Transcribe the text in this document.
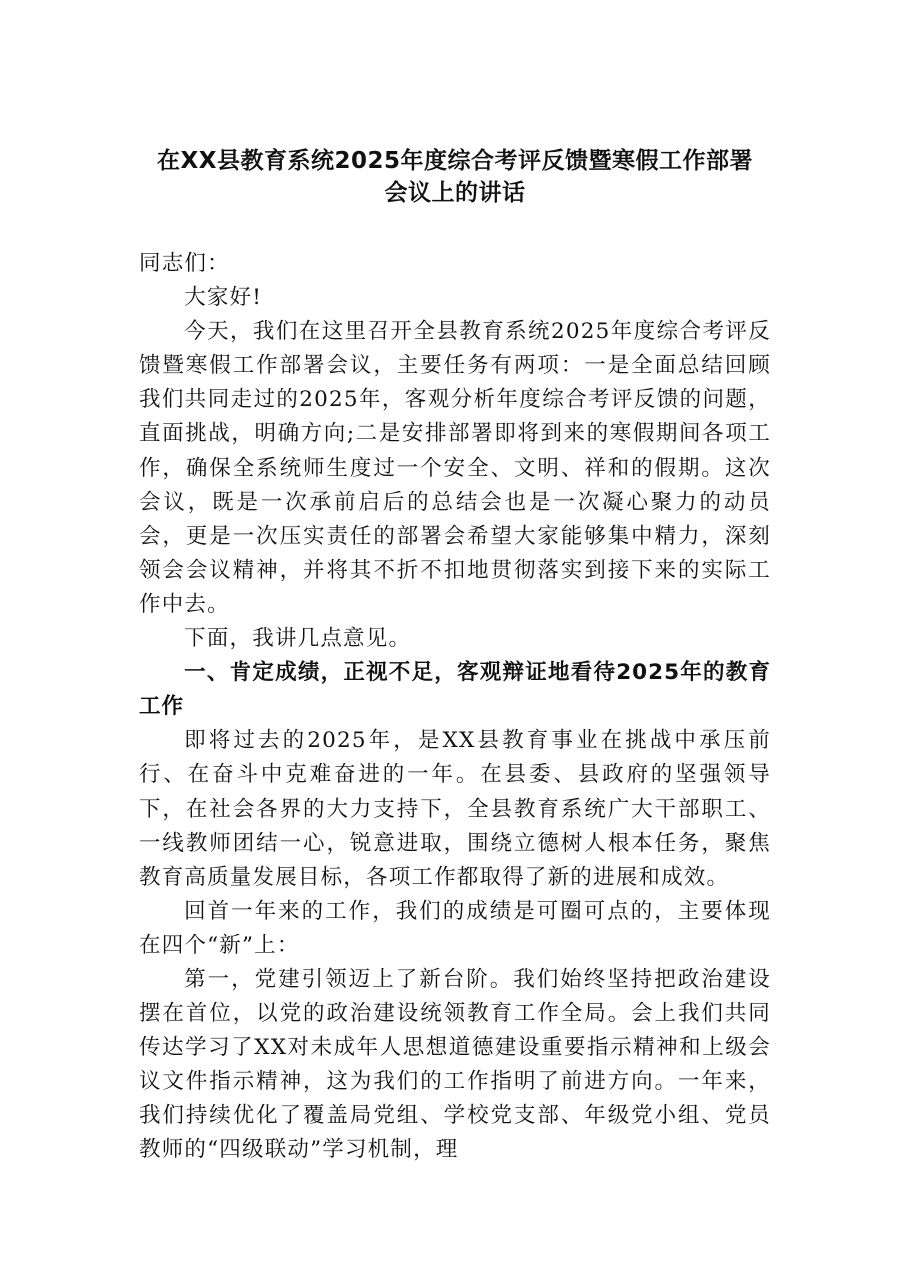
在XX县教育系统2025年度综合考评反馈暨寒假工作部署
会议上的讲话

同志们：

大家好!

今天，我们在这里召开全县教育系统2025年度综合考评反馈暨寒假工作部署会议，主要任务有两项：一是全面总结回顾我们共同走过的2025年，客观分析年度综合考评反馈的问题，直面挑战，明确方向;二是安排部署即将到来的寒假期间各项工作，确保全系统师生度过一个安全、文明、祥和的假期。这次会议，既是一次承前启后的总结会也是一次凝心聚力的动员会，更是一次压实责任的部署会希望大家能够集中精力，深刻领会会议精神，并将其不折不扣地贯彻落实到接下来的实际工作中去。

下面，我讲几点意见。

一、肯定成绩，正视不足，客观辩证地看待2025年的教育工作

即将过去的2025年，是XX县教育事业在挑战中承压前行、在奋斗中克难奋进的一年。在县委、县政府的坚强领导下，在社会各界的大力支持下，全县教育系统广大干部职工、一线教师团结一心，锐意进取，围绕立德树人根本任务，聚焦教育高质量发展目标，各项工作都取得了新的进展和成效。

回首一年来的工作，我们的成绩是可圈可点的，主要体现在四个“新”上：

第一，党建引领迈上了新台阶。我们始终坚持把政治建设摆在首位，以党的政治建设统领教育工作全局。会上我们共同传达学习了XX对未成年人思想道德建设重要指示精神和上级会议文件指示精神，这为我们的工作指明了前进方向。一年来，我们持续优化了覆盖局党组、学校党支部、年级党小组、党员教师的“四级联动”学习机制，理
